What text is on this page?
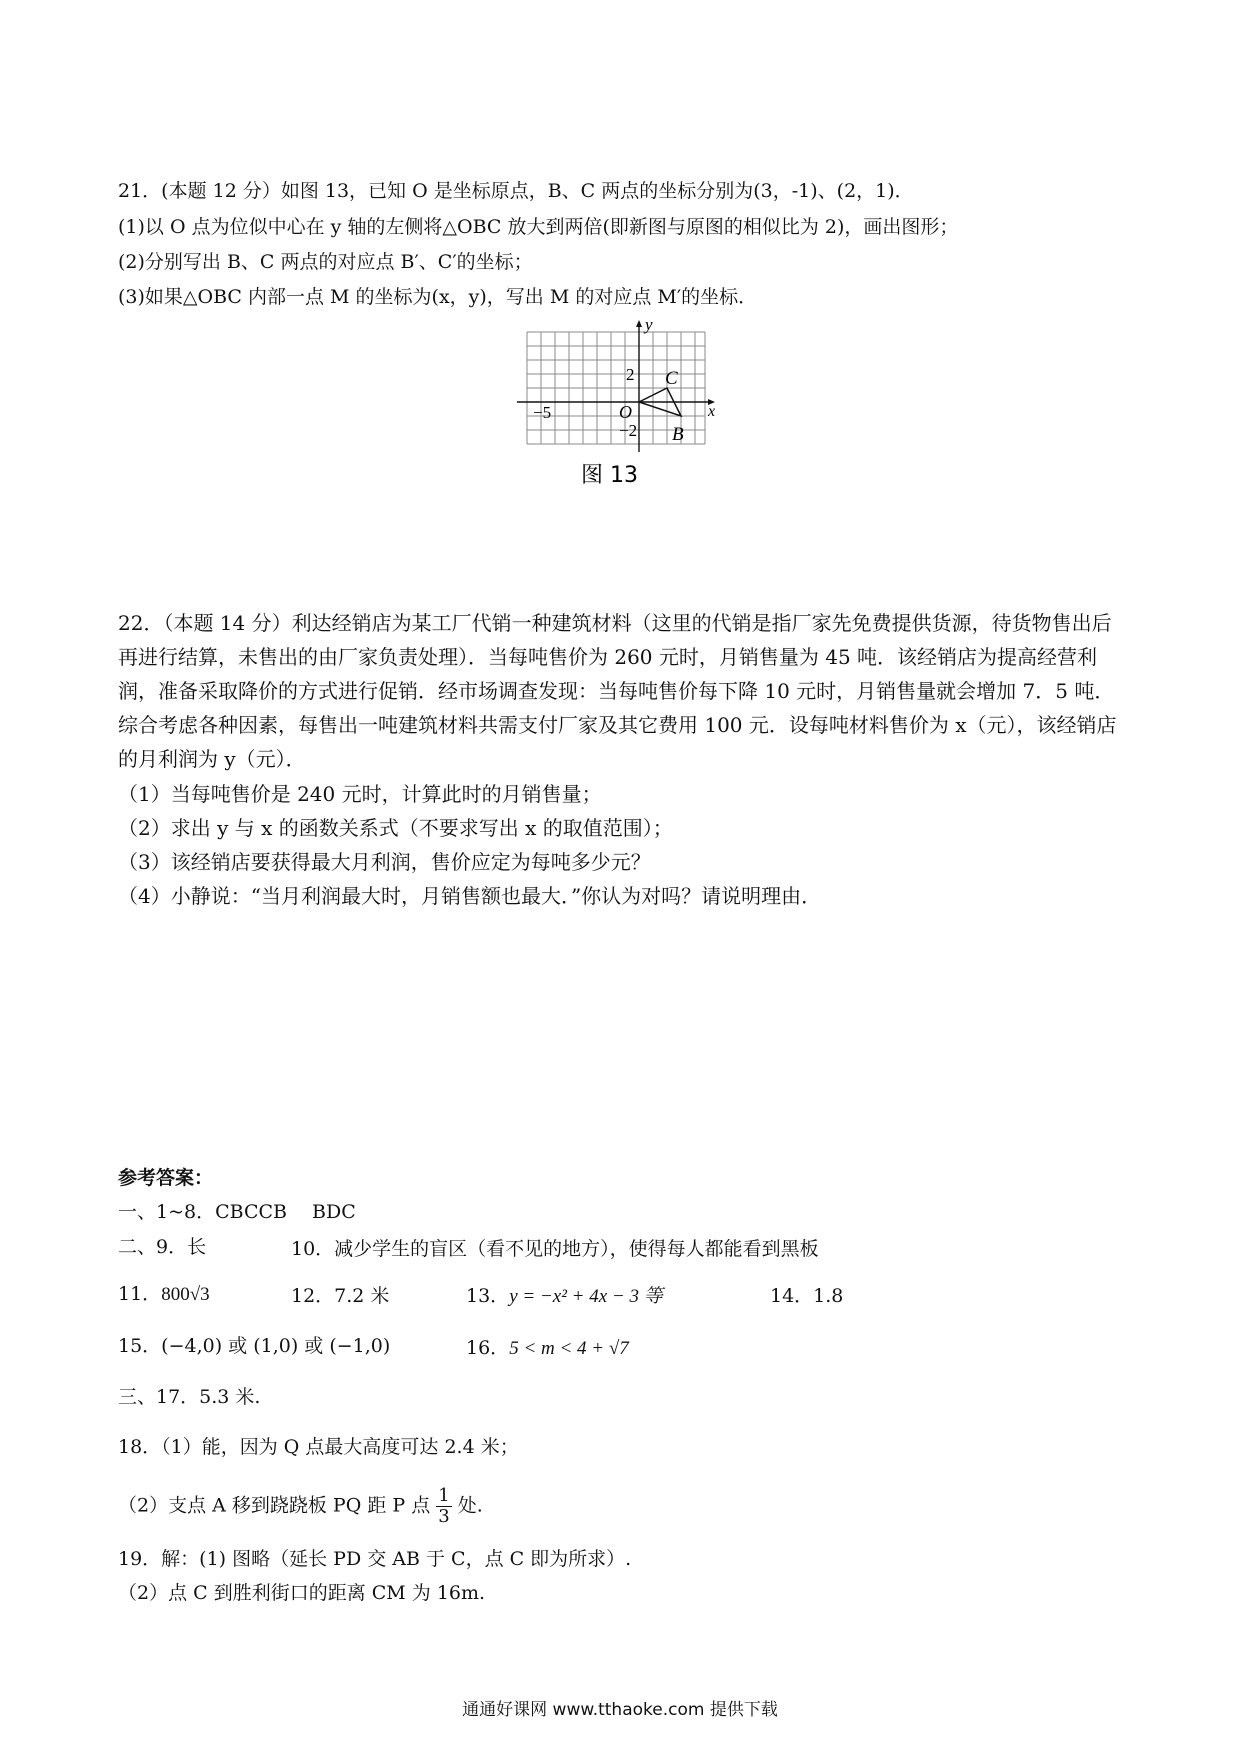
21．(本题 12 分）如图 13，已知 O 是坐标原点，B、C 两点的坐标分别为(3，-1)、(2，1)．
(1)以 O 点为位似中心在 y 轴的左侧将△OBC 放大到两倍(即新图与原图的相似比为 2)，画出图形；
(2)分别写出 B、C 两点的对应点 B′、C′的坐标；
(3)如果△OBC 内部一点 M 的坐标为(x，y)，写出 M 的对应点 M′的坐标．
y
x
O
C
B
2
−2
−5
图 13
22．（本题 14 分）利达经销店为某工厂代销一种建筑材料（这里的代销是指厂家先免费提供货源，待货物售出后再进行结算，未售出的由厂家负责处理）．当每吨售价为 260 元时，月销售量为 45 吨．该经销店为提高经营利润，准备采取降价的方式进行促销．经市场调查发现：当每吨售价每下降 10 元时，月销售量就会增加 7．5 吨．综合考虑各种因素，每售出一吨建筑材料共需支付厂家及其它费用 100 元．设每吨材料售价为 x（元），该经销店的月利润为 y（元）．
（1）当每吨售价是 240 元时，计算此时的月销售量；
（2）求出 y 与 x 的函数关系式（不要求写出 x 的取值范围）；
（3）该经销店要获得最大月利润，售价应定为每吨多少元？
（4）小静说：“当月利润最大时，月销售额也最大．”你认为对吗？请说明理由．
参考答案：
一、1~8．CBCCB　 BDC
二、9．长	10．减少学生的盲区（看不见的地方），使得每人都能看到黑板
11．800√3	12．7.2 米	13．y = −x² + 4x − 3 等	14．1.8
15．(−4,0) 或 (1,0) 或 (−1,0)	16．5 < m < 4 + √7
三、17．5.3 米.
18．（1）能，因为 Q 点最大高度可达 2.4 米；
（2）支点 A 移到跷跷板 PQ 距 P 点 $\frac{1}{3}$ 处.
19．解：(1) 图略（延长 PD 交 AB 于 C，点 C 即为所求）.
（2）点 C 到胜利街口的距离 CM 为 16m.
通通好课网 www.tthaoke.com 提供下载
